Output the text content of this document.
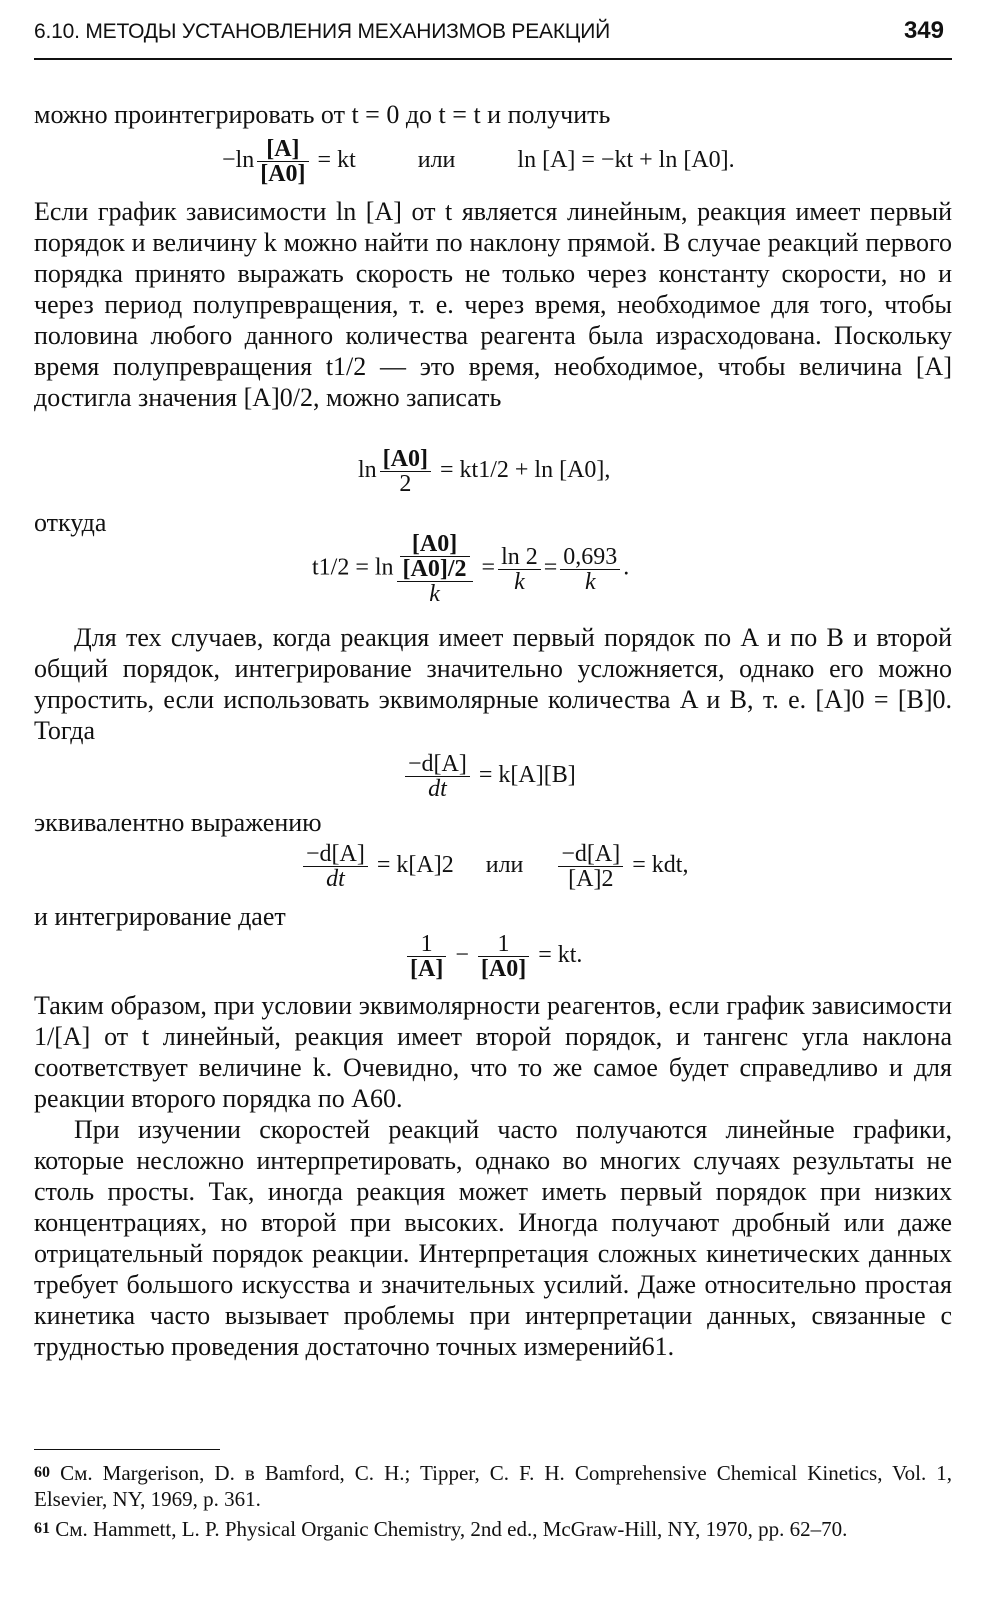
6.10. МЕТОДЫ УСТАНОВЛЕНИЯ МЕХАНИЗМОВ РЕАКЦИЙ	349
можно проинтегрировать от t = 0 до t = t и получить
$-\ln \frac{[A]}{[A0]}$ = kt	или	ln [A] = −kt + ln [A0].
Если график зависимости ln [A] от t является линейным, реакция имеет первый порядок и величину k можно найти по наклону прямой. В случае реакций первого порядка принято выражать скорость не только через константу скорости, но и через период полупревращения, т. е. через время, необходимое для того, чтобы половина любого данного количества реагента была израсходована. Поскольку время полупревращения t1/2 — это время, необходимое, чтобы величина [A] достигла значения [A]0/2, можно записать
$\ln \frac{[A0]}{2} = kt1/2 + \ln [A0]$,
откуда
$t1/2 = \ln \frac{\frac{[A0]}{[A0]/2}}{k} = \frac{\ln 2}{k} = \frac{0,693}{k}$ .
Для тех случаев, когда реакция имеет первый порядок по A и по B и второй общий порядок, интегрирование значительно усложняется, однако его можно упростить, если использовать эквимолярные количества A и B, т. е. [A]0 = [B]0. Тогда
$\frac{-d[A]}{dt} = k[A][B]$
эквивалентно выражению
$\frac{-d[A]}{dt} = k[A]2$ или $\frac{-d[A]}{[A]2}$ = kdt,
и интегрирование дает
$\frac{1}{[A]} - \frac{1}{[A0]}$ = kt.
Таким образом, при условии эквимолярности реагентов, если график зависимости 1/[A] от t линейный, реакция имеет второй порядок, и тангенс угла наклона соответствует величине k. Очевидно, что то же самое будет справедливо и для реакции второго порядка по A60.
При изучении скоростей реакций часто получаются линейные графики, которые несложно интерпретировать, однако во многих случаях результаты не столь просты. Так, иногда реакция может иметь первый порядок при низких концентрациях, но второй при высоких. Иногда получают дробный или даже отрицательный порядок реакции. Интерпретация сложных кинетических данных требует большого искусства и значительных усилий. Даже относительно простая кинетика часто вызывает проблемы при интерпретации данных, связанные с трудностью проведения достаточно точных измерений61.
60 См. Margerison, D. в Bamford, C. H.; Tipper, C. F. H. Comprehensive Chemical Kinetics, Vol. 1, Elsevier, NY, 1969, p. 361.
61 См. Hammett, L. P. Physical Organic Chemistry, 2nd ed., McGraw-Hill, NY, 1970, pp. 62–70.
